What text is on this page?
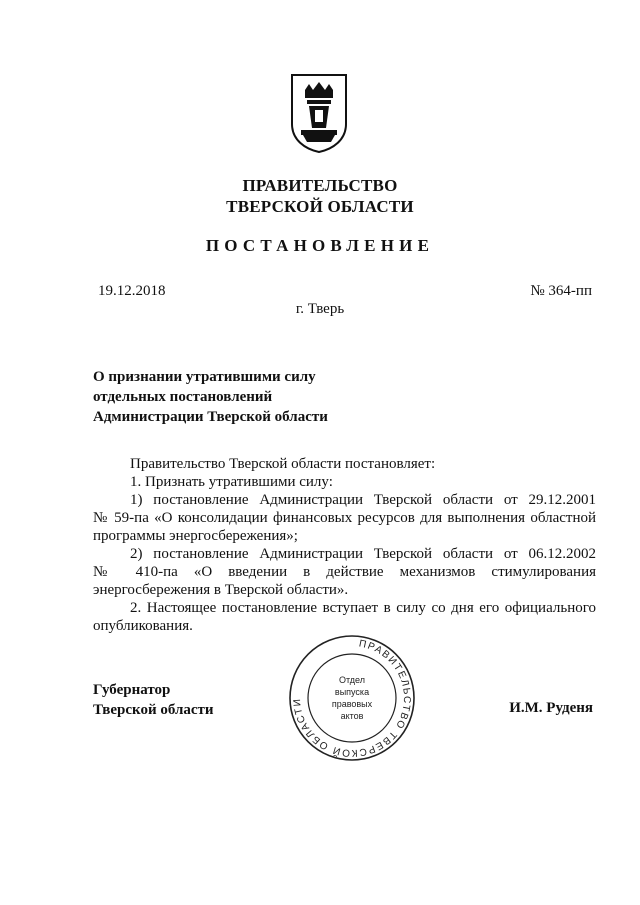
ПРАВИТЕЛЬСТВО
ТВЕРСКОЙ ОБЛАСТИ
ПОСТАНОВЛЕНИЕ
19.12.2018	№ 364-пп
г. Тверь
О признании утратившими силу
отдельных постановлений
Администрации Тверской области

Правительство Тверской области постановляет:

1. Признать утратившими силу:

1) постановление Администрации Тверской области от 29.12.2001

№ 59-па «О консолидации финансовых ресурсов для выполнения областной

программы энергосбережения»;

2) постановление Администрации Тверской области от 06.12.2002

№ 410-па «О введении в действие механизмов стимулирования

энергосбережения в Тверской области».

2. Настоящее постановление вступает в силу со дня его официального

опубликования.

Губернатор
Тверской области	И.М. Руденя
ПРАВИТЕЛЬСТВО ТВЕРСКОЙ ОБЛАСТИ
Отдел
выпуска
правовых
актов
